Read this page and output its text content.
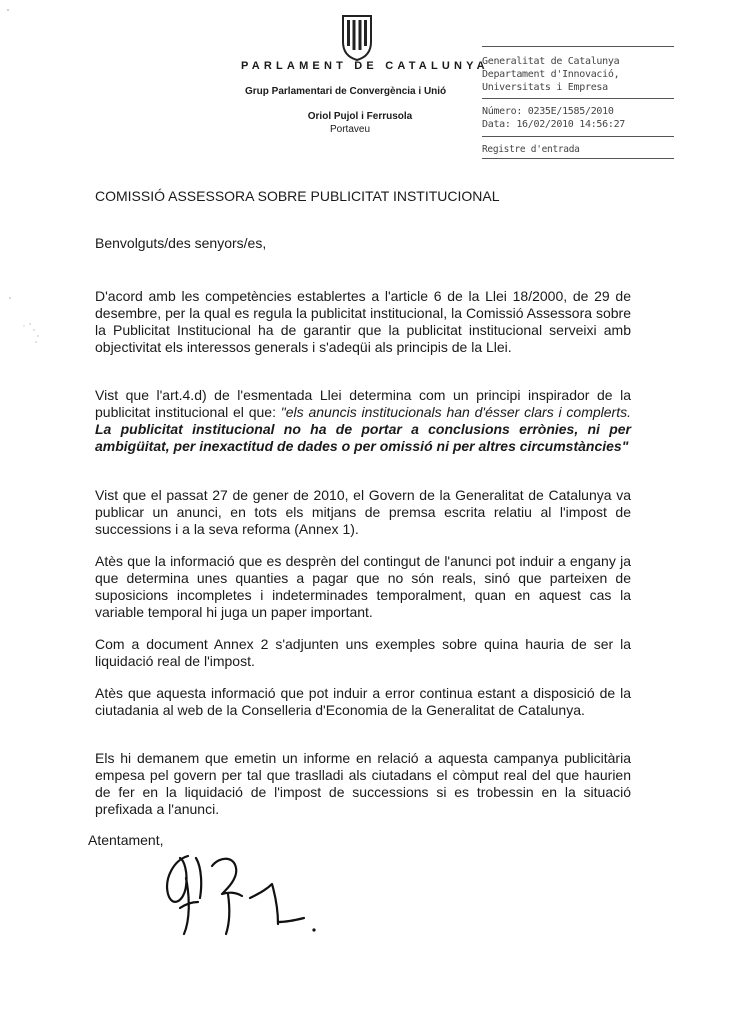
PARLAMENT DE CATALUNYA
Grup Parlamentari de Convergència i Unió
Oriol Pujol i Ferrusola
Portaveu
Generalitat de Catalunya
Departament d'Innovació,
Universitats i Empresa
Número: 0235E/1585/2010
Data: 16/02/2010 14:56:27
Registre d'entrada
COMISSIÓ ASSESSORA SOBRE PUBLICITAT INSTITUCIONAL
Benvolguts/des senyors/es,

D'acord amb les competències establertes a l'article 6 de la Llei 18/2000, de 29 de desembre, per la qual es regula la publicitat institucional, la Comissió Assessora sobre la Publicitat Institucional ha de garantir que la publicitat institucional serveixi amb objectivitat els interessos generals i s'adeqüi als principis de la Llei.

Vist que l'art.4.d) de l'esmentada Llei determina com un principi inspirador de la publicitat institucional el que: "els anuncis institucionals han d'ésser clars i complerts. La publicitat institucional no ha de portar a conclusions errònies, ni per ambigüitat, per inexactitud de dades o per omissió ni per altres circumstàncies"

Vist que el passat 27 de gener de 2010, el Govern de la Generalitat de Catalunya va publicar un anunci, en tots els mitjans de premsa escrita relatiu al l'impost de successions i a la seva reforma (Annex 1).

Atès que la informació que es desprèn del contingut de l'anunci pot induir a engany ja que determina unes quanties a pagar que no són reals, sinó que parteixen de suposicions incompletes i indeterminades temporalment, quan en aquest cas la variable temporal hi juga un paper important.

Com a document Annex 2 s'adjunten uns exemples sobre quina hauria de ser la liquidació real de l'impost.

Atès que aquesta informació que pot induir a error continua estant a disposició de la ciutadania al web de la Conselleria d'Economia de la Generalitat de Catalunya.

Els hi demanem que emetin un informe en relació a aquesta campanya publicitària empesa pel govern per tal que traslladi als ciutadans el còmput real del que haurien de fer en la liquidació de l'impost de successions si es trobessin en la situació prefixada a l'anunci.

Atentament,
